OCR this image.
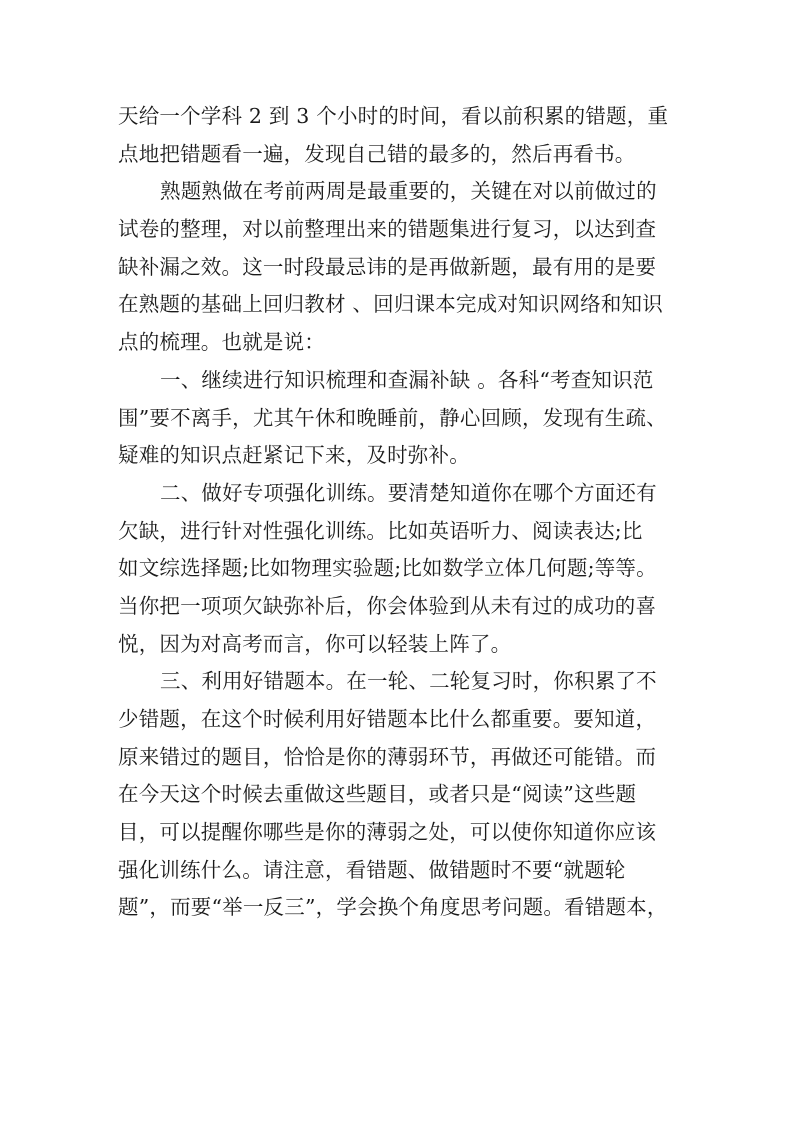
天给一个学科 2 到 3 个小时的时间，看以前积累的错题，重
点地把错题看一遍，发现自己错的最多的，然后再看书。
熟题熟做在考前两周是最重要的，关键在对以前做过的
试卷的整理，对以前整理出来的错题集进行复习，以达到查
缺补漏之效。这一时段最忌讳的是再做新题，最有用的是要
在熟题的基础上回归教材 、回归课本完成对知识网络和知识
点的梳理。也就是说：
一、继续进行知识梳理和查漏补缺 。各科“考查知识范
围”要不离手，尤其午休和晚睡前，静心回顾，发现有生疏、
疑难的知识点赶紧记下来，及时弥补。
二、做好专项强化训练。要清楚知道你在哪个方面还有
欠缺，进行针对性强化训练。比如英语听力、阅读表达;比
如文综选择题;比如物理实验题;比如数学立体几何题;等等。
当你把一项项欠缺弥补后，你会体验到从未有过的成功的喜
悦，因为对高考而言，你可以轻装上阵了。
三、利用好错题本。在一轮、二轮复习时，你积累了不
少错题，在这个时候利用好错题本比什么都重要。要知道，
原来错过的题目，恰恰是你的薄弱环节，再做还可能错。而
在今天这个时候去重做这些题目，或者只是“阅读”这些题
目，可以提醒你哪些是你的薄弱之处，可以使你知道你应该
强化训练什么。请注意，看错题、做错题时不要“就题轮
题”，而要“举一反三”，学会换个角度思考问题。看错题本，
